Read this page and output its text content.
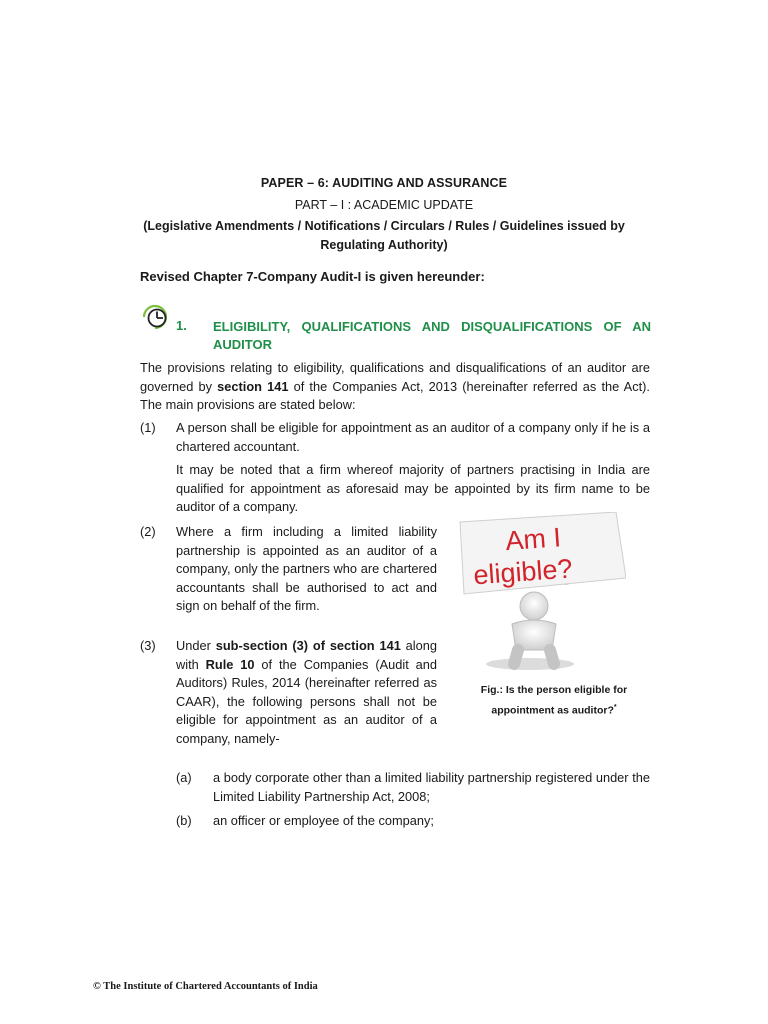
PAPER – 6: AUDITING AND ASSURANCE
PART – I : ACADEMIC UPDATE
(Legislative Amendments / Notifications / Circulars / Rules / Guidelines issued by
Regulating Authority)
Revised Chapter 7-Company Audit-I is given hereunder:
1. ELIGIBILITY, QUALIFICATIONS AND DISQUALIFICATIONS OF AN AUDITOR
The provisions relating to eligibility, qualifications and disqualifications of an auditor are governed by section 141 of the Companies Act, 2013 (hereinafter referred as the Act). The main provisions are stated below:
(1) A person shall be eligible for appointment as an auditor of a company only if he is a chartered accountant.
It may be noted that a firm whereof majority of partners practising in India are qualified for appointment as aforesaid may be appointed by its firm name to be auditor of a company.
(2) Where a firm including a limited liability partnership is appointed as an auditor of a company, only the partners who are chartered accountants shall be authorised to act and sign on behalf of the firm.
(3) Under sub-section (3) of section 141 along with Rule 10 of the Companies (Audit and Auditors) Rules, 2014 (hereinafter referred as CAAR), the following persons shall not be eligible for appointment as an auditor of a company, namely-
(a) a body corporate other than a limited liability partnership registered under the Limited Liability Partnership Act, 2008;
(b) an officer or employee of the company;
Am I
eligible?
Fig.: Is the person eligible for appointment as auditor?*
© The Institute of Chartered Accountants of India
